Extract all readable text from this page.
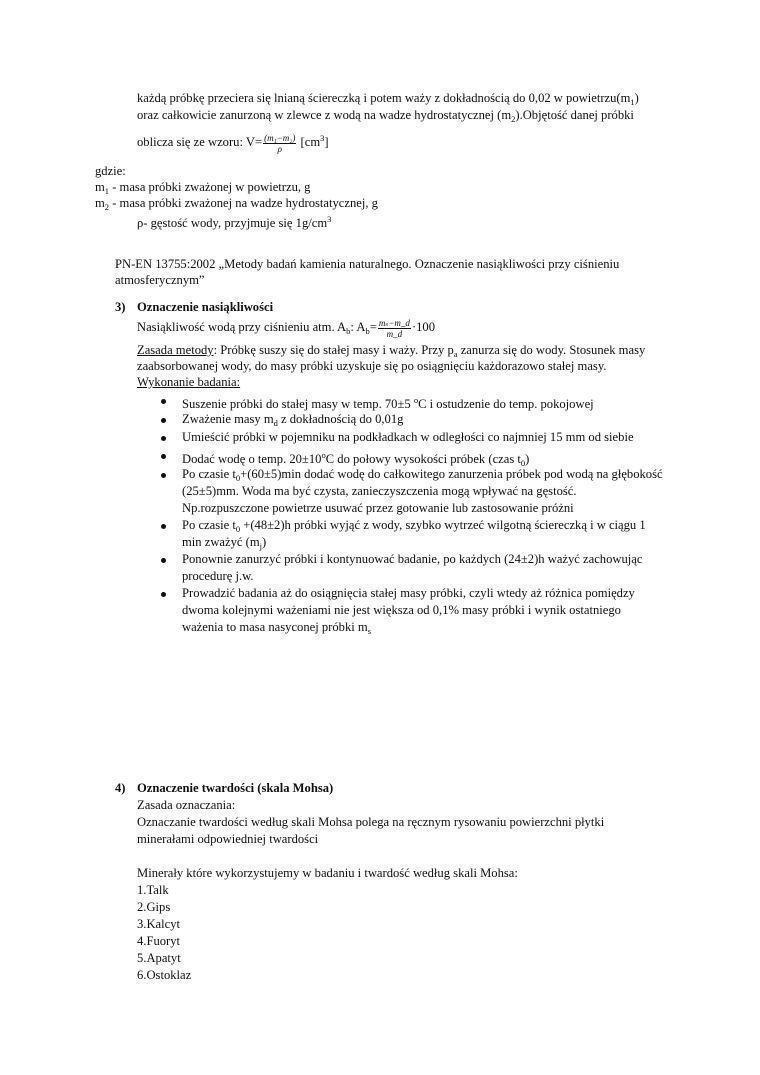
każdą próbkę przeciera się lnianą ściereczką i potem waży z dokładnością do 0,02 w $powietrzu(m_1)$
oraz całkowicie zanurzoną w zlewce z wodą na wadze hydrostatycznej $(m_2).Objętość$ danej próbki
oblicza się ze wzoru: $V= \frac{\text{(m₁−m₂)}}{\rho} [cm^3]$
gdzie:
$m_1$ - masa próbki zważonej w powietrzu, g
$m_2$ - masa próbki zważonej na wadze hydrostatycznej, g
ρ- gęstość wody, przyjmuje się $1g/cm^3$
PN-EN 13755:2002 „Metody badań kamienia naturalnego. Oznaczenie nasiąkliwości przy ciśnieniu
atmosferycznym”
3) Oznaczenie nasiąkliwości
Nasiąkliwość wodą przy ciśnieniu atm. $A_b$: $A_b= \frac{\text{mₛ−m\_d}}{m\_d} \cdot 100$
Zasada metody: Próbkę suszy się do stałej masy i waży. Przy $p_a$ zanurza się do wody. Stosunek masy
zaabsorbowanej wody, do masy próbki uzyskuje się po osiągnięciu każdorazowo stałej masy.
Wykonanie badania:
Suszenie próbki do stałej masy w temp. 70±5 $^o$C i ostudzenie do temp. pokojowej
Zważenie masy $m_d$ z dokładnością do 0,01g
Umieścić próbki w pojemniku na podkładkach w odległości co najmniej 15 mm od siebie
Dodać wodę o temp. $20\pm 10^oC$ do połowy wysokości próbek (czas $t_0$)
Po czasie $t_0+(60\pm 5)\min$ dodać wodę do całkowitego zanurzenia próbek pod wodą na głębokość
(25±5)mm. Woda ma być czysta, zanieczyszczenia mogą wpływać na gęstość.
Np.rozpuszczone powietrze usuwać przez gotowanie lub zastosowanie próżni
Po czasie $t_0 +(48\pm 2)h$ próbki wyjąć z wody, szybko wytrzeć wilgotną ściereczką i w ciągu 1
min zważyć $(m_j)$
Ponownie zanurzyć próbki i kontynuować badanie, po każdych (24±2)h ważyć zachowując
procedurę j.w.
Prowadzić badania aż do osiągnięcia stałej masy próbki, czyli wtedy aż różnica pomiędzy
dwoma kolejnymi ważeniami nie jest większa od 0,1% masy próbki i wynik ostatniego
ważenia to masa nasyconej próbki $m_s$
4) Oznaczenie twardości (skala Mohsa)
Zasada oznaczania:
Oznaczanie twardości według skali Mohsa polega na ręcznym rysowaniu powierzchni płytki
minerałami odpowiedniej twardości
Minerały które wykorzystujemy w badaniu i twardość według skali Mohsa:
1.Talk
2.Gips
3.Kalcyt
4.Fuoryt
5.Apatyt
6.Ostoklaz
